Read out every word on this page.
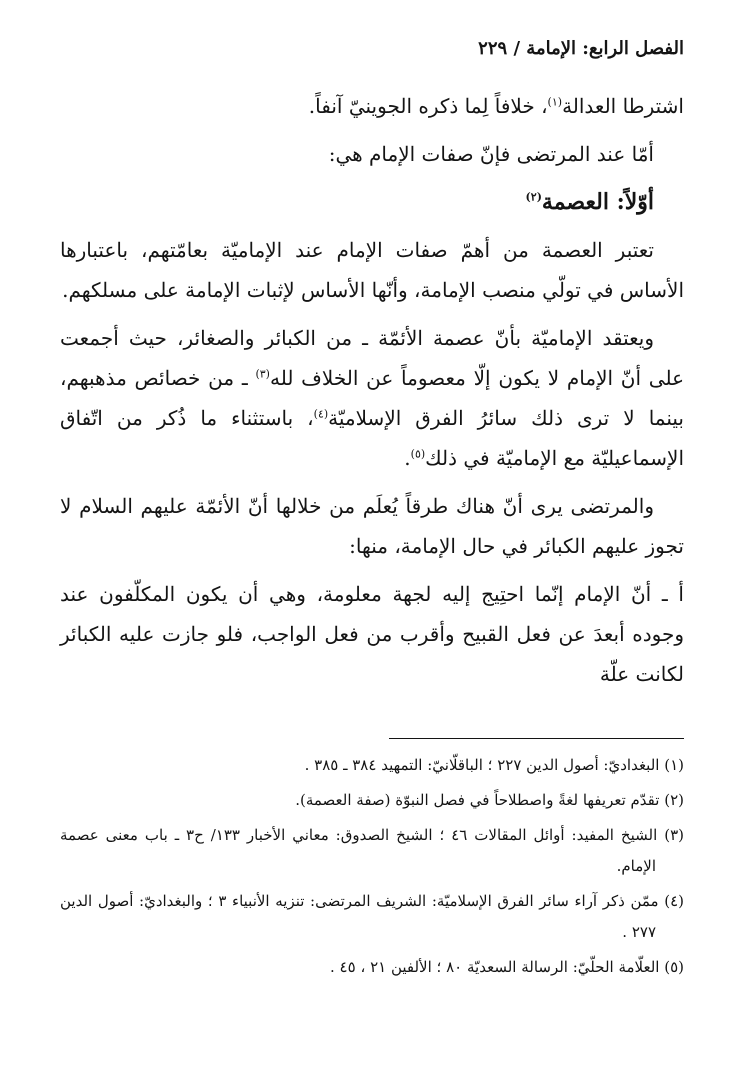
الفصل الرابع: الإمامة / ٢٢٩

اشترطا العدالة$^{(١)}$، خلافاً لِما ذكره الجوينيّ آنفاً.

أمّا عند المرتضى فإنّ صفات الإمام هي:

أوّلاً: العصمة$^{(٢)}$

تعتبر العصمة من أهمّ صفات الإمام عند الإماميّة بعامّتهم، باعتبارها الأساس في تولّي منصب الإمامة، وأنّها الأساس لإثبات الإمامة على مسلكهم.

ويعتقد الإماميّة بأنّ عصمة الأئمّة ـ من الكبائر والصغائر، حيث أجمعت على أنّ الإمام لا يكون إلّا معصوماً عن الخلاف لله$^{(٣)}$ ـ من خصائص مذهبهم، بينما لا ترى ذلك سائرُ الفرق الإسلاميّة$^{(٤)}$، باستثناء ما ذُكر من اتّفاق الإسماعيليّة مع الإماميّة في ذلك$^{(٥)}$.

والمرتضى يرى أنّ هناك طرقاً يُعلَم من خلالها أنّ الأئمّة عليهم السلام لا تجوز عليهم الكبائر في حال الإمامة، منها:

أ ـ أنّ الإمام إنّما احتِيج إليه لجهة معلومة، وهي أن يكون المكلّفون عند وجوده أبعدَ عن فعل القبيح وأقرب من فعل الواجب، فلو جازت عليه الكبائر لكانت علّة

(١) البغداديّ: أصول الدين ٢٢٧ ؛ الباقلّانيّ: التمهيد ٣٨٤ ـ ٣٨٥ .
(٢) تقدّم تعريفها لغةً واصطلاحاً في فصل النبوّة (صفة العصمة).
(٣) الشيخ المفيد: أوائل المقالات ٤٦ ؛ الشيخ الصدوق: معاني الأخبار ١٣٣/ ح٣ ـ باب معنى عصمة الإمام.
(٤) ممّن ذكر آراء سائر الفرق الإسلاميّة: الشريف المرتضى: تنزيه الأنبياء ٣ ؛ والبغداديّ: أصول الدين ٢٧٧ .
(٥) العلّامة الحلّيّ: الرسالة السعديّة ٨٠ ؛ الألفين ٢١ ، ٤٥ .
